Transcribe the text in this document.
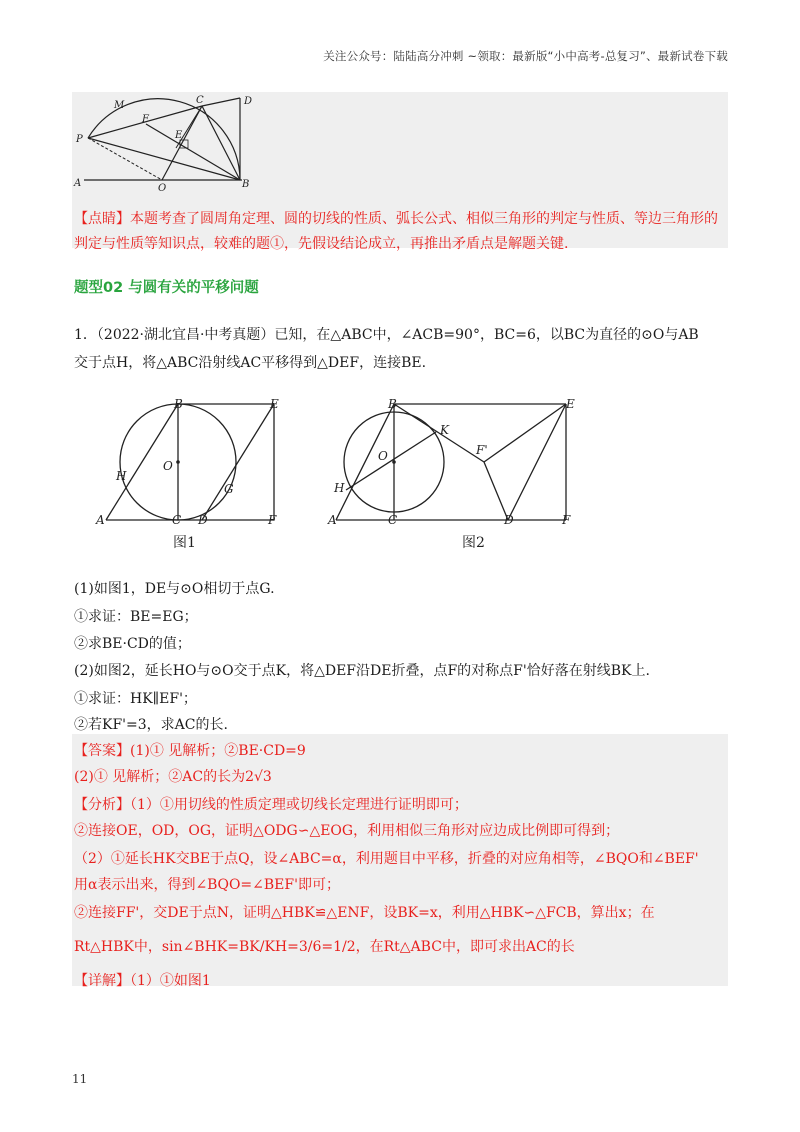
关注公众号：陆陆高分冲刺 ~领取：最新版“小中高考-总复习”、最新试卷下载
M	C	D
F
E
P
A	O	B
【点睛】本题考查了圆周角定理、圆的切线的性质、弧长公式、相似三角形的判定与性质、等边三角形的
判定与性质等知识点，较难的题①，先假设结论成立，再推出矛盾点是解题关键.
题型02 与圆有关的平移问题
1．（2022·湖北宜昌·中考真题）已知，在△ABC中，∠ACB=90°，BC=6，以BC为直径的⊙O与AB
交于点H，将△ABC沿射线AC平移得到△DEF，连接BE.
B	E
O
H
G
A	C D	F
图1
B	E
K
F'
O
H
A	C	D	F
图2
(1)如图1，DE与⊙O相切于点G.
①求证：BE=EG；
②求BE·CD的值；
(2)如图2，延长HO与⊙O交于点K，将△DEF沿DE折叠，点F的对称点F'恰好落在射线BK上.
①求证：HK∥EF'；
②若KF'=3，求AC的长.
【答案】(1)① 见解析；②BE·CD=9
(2)① 见解析；②AC的长为2√3
【分析】（1）①用切线的性质定理或切线长定理进行证明即可；
②连接OE，OD，OG，证明△ODG∽△EOG，利用相似三角形对应边成比例即可得到；
（2）①延长HK交BE于点Q，设∠ABC=α，利用题目中平移，折叠的对应角相等，∠BQO和∠BEF'
用α表示出来，得到∠BQO=∠BEF'即可；
②连接FF'，交DE于点N，证明△HBK≌△ENF，设BK=x，利用△HBK∽△FCB，算出x；在
Rt△HBK中，sin∠BHK=BK/KH=3/6=1/2，在Rt△ABC中，即可求出AC的长
【详解】（1）①如图1
11
